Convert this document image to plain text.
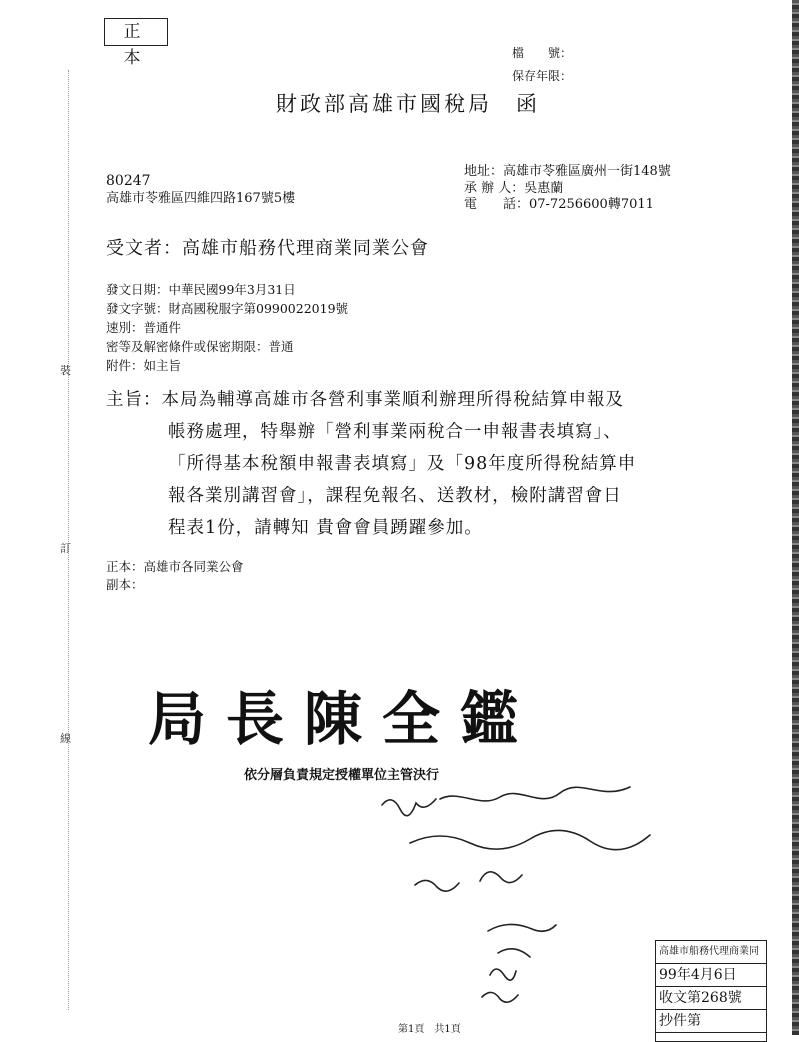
正 本	檔　　號：
保存年限：
財政部高雄市國稅局　函
80247
高雄市苓雅區四維四路167號5樓
地址：高雄市苓雅區廣州一街148號
承 辦 人：吳惠蘭
電　　話：07-7256600轉7011
受文者：高雄市船務代理商業同業公會
發文日期：中華民國99年3月31日
發文字號：財高國稅服字第0990022019號
速別：普通件
密等及解密條件或保密期限：普通
附件：如主旨
裝
訂
線
主旨：本局為輔導高雄市各營利事業順利辦理所得稅結算申報及
帳務處理，特舉辦「營利事業兩稅合一申報書表填寫」、
「所得基本稅額申報書表填寫」及「98年度所得稅結算申
報各業別講習會」，課程免報名、送教材，檢附講習會日
程表1份，請轉知 貴會會員踴躍參加。
正本：高雄市各同業公會
副本：
局長陳全鑑
依分層負責規定授權單位主管決行
高雄市船務代理商業同
99年4月6日
收文第268號
抄件第
第1頁　共1頁
